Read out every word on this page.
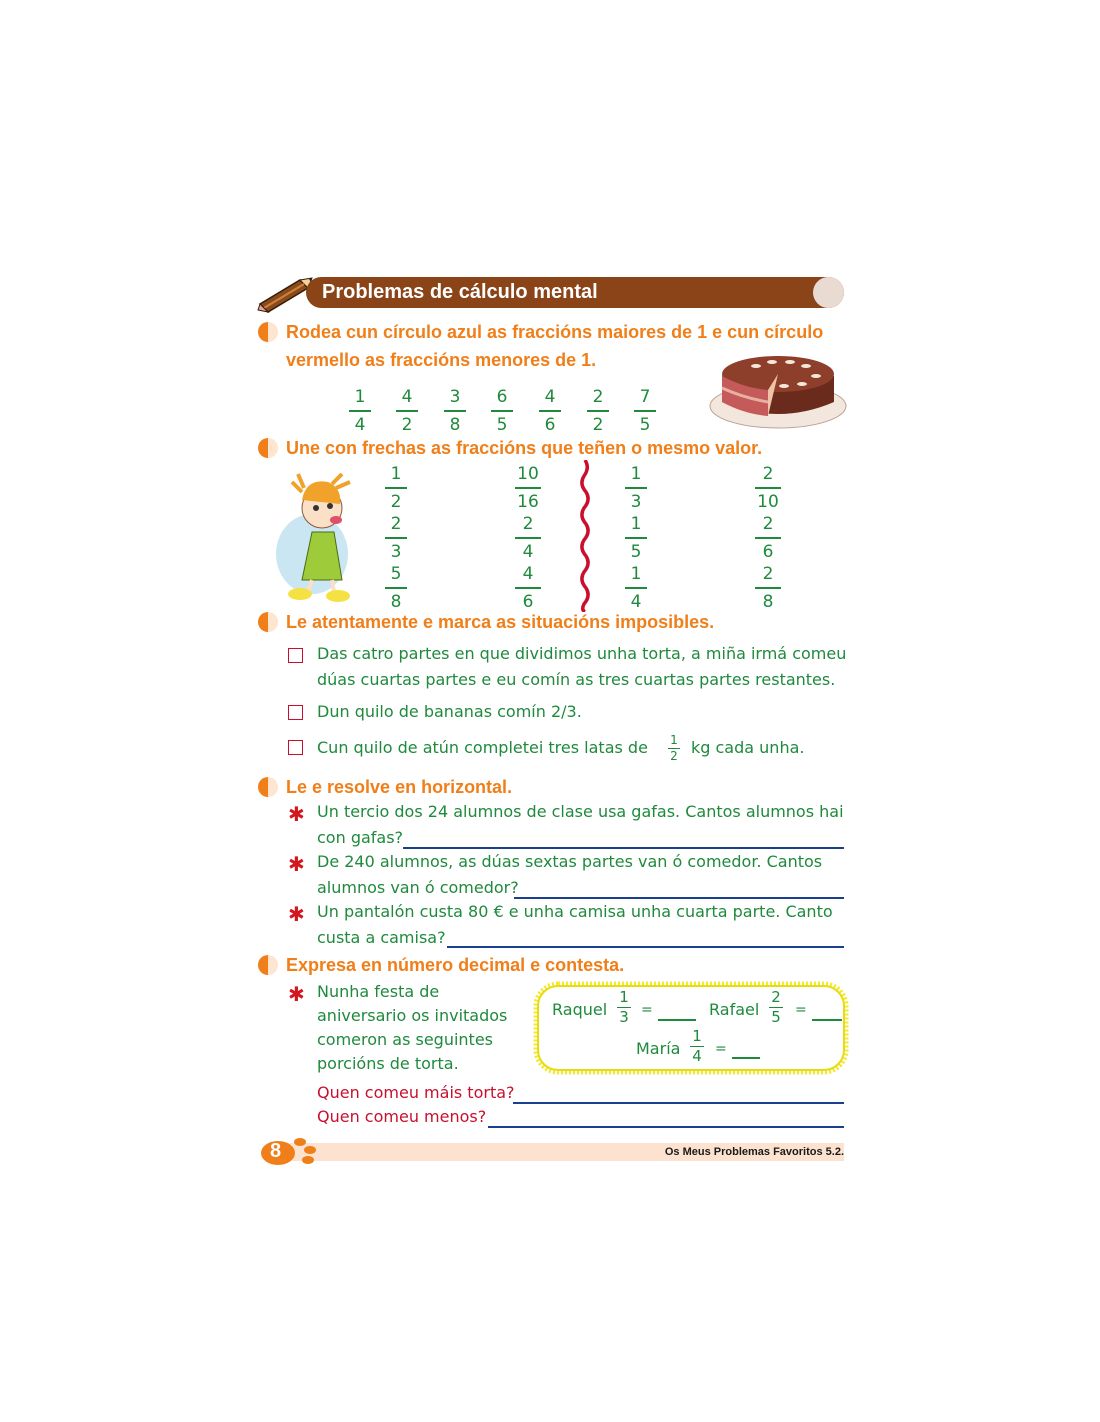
Problemas de cálculo mental
Rodea cun círculo azul as fraccións maiores de 1 e cun círculo
vermello as fraccións menores de 1.
1
4
4
2
3
8
6
5
4
6
2
2
7
5
Une con frechas as fraccións que teñen o mesmo valor.
1
2
2
3
5
8
10
16
2
4
4
6
1
3
1
5
1
4
2
10
2
6
2
8
Le atentamente e marca as situacións imposibles.
Das catro partes en que dividimos unha torta, a miña irmá comeu
dúas cuartas partes e eu comín as tres cuartas partes restantes.
Dun quilo de bananas comín 2/3.
Cun quilo de atún completei tres latas de 1
2 kg cada unha.
Le e resolve en horizontal.
✱ Un tercio dos 24 alumnos de clase usa gafas. Cantos alumnos hai
con gafas?
✱ De 240 alumnos, as dúas sextas partes van ó comedor. Cantos
alumnos van ó comedor?
✱ Un pantalón custa 80 € e unha camisa unha cuarta parte. Canto
custa a camisa?
Expresa en número decimal e contesta.
✱ Nunha festa de
aniversario os invitados
comeron as seguintes
porcións de torta.
Raquel
1
3 =	Rafael
2
5 =
María
1
4 =
Quen comeu máis torta?
Quen comeu menos?
8	Os Meus Problemas Favoritos 5.2.
